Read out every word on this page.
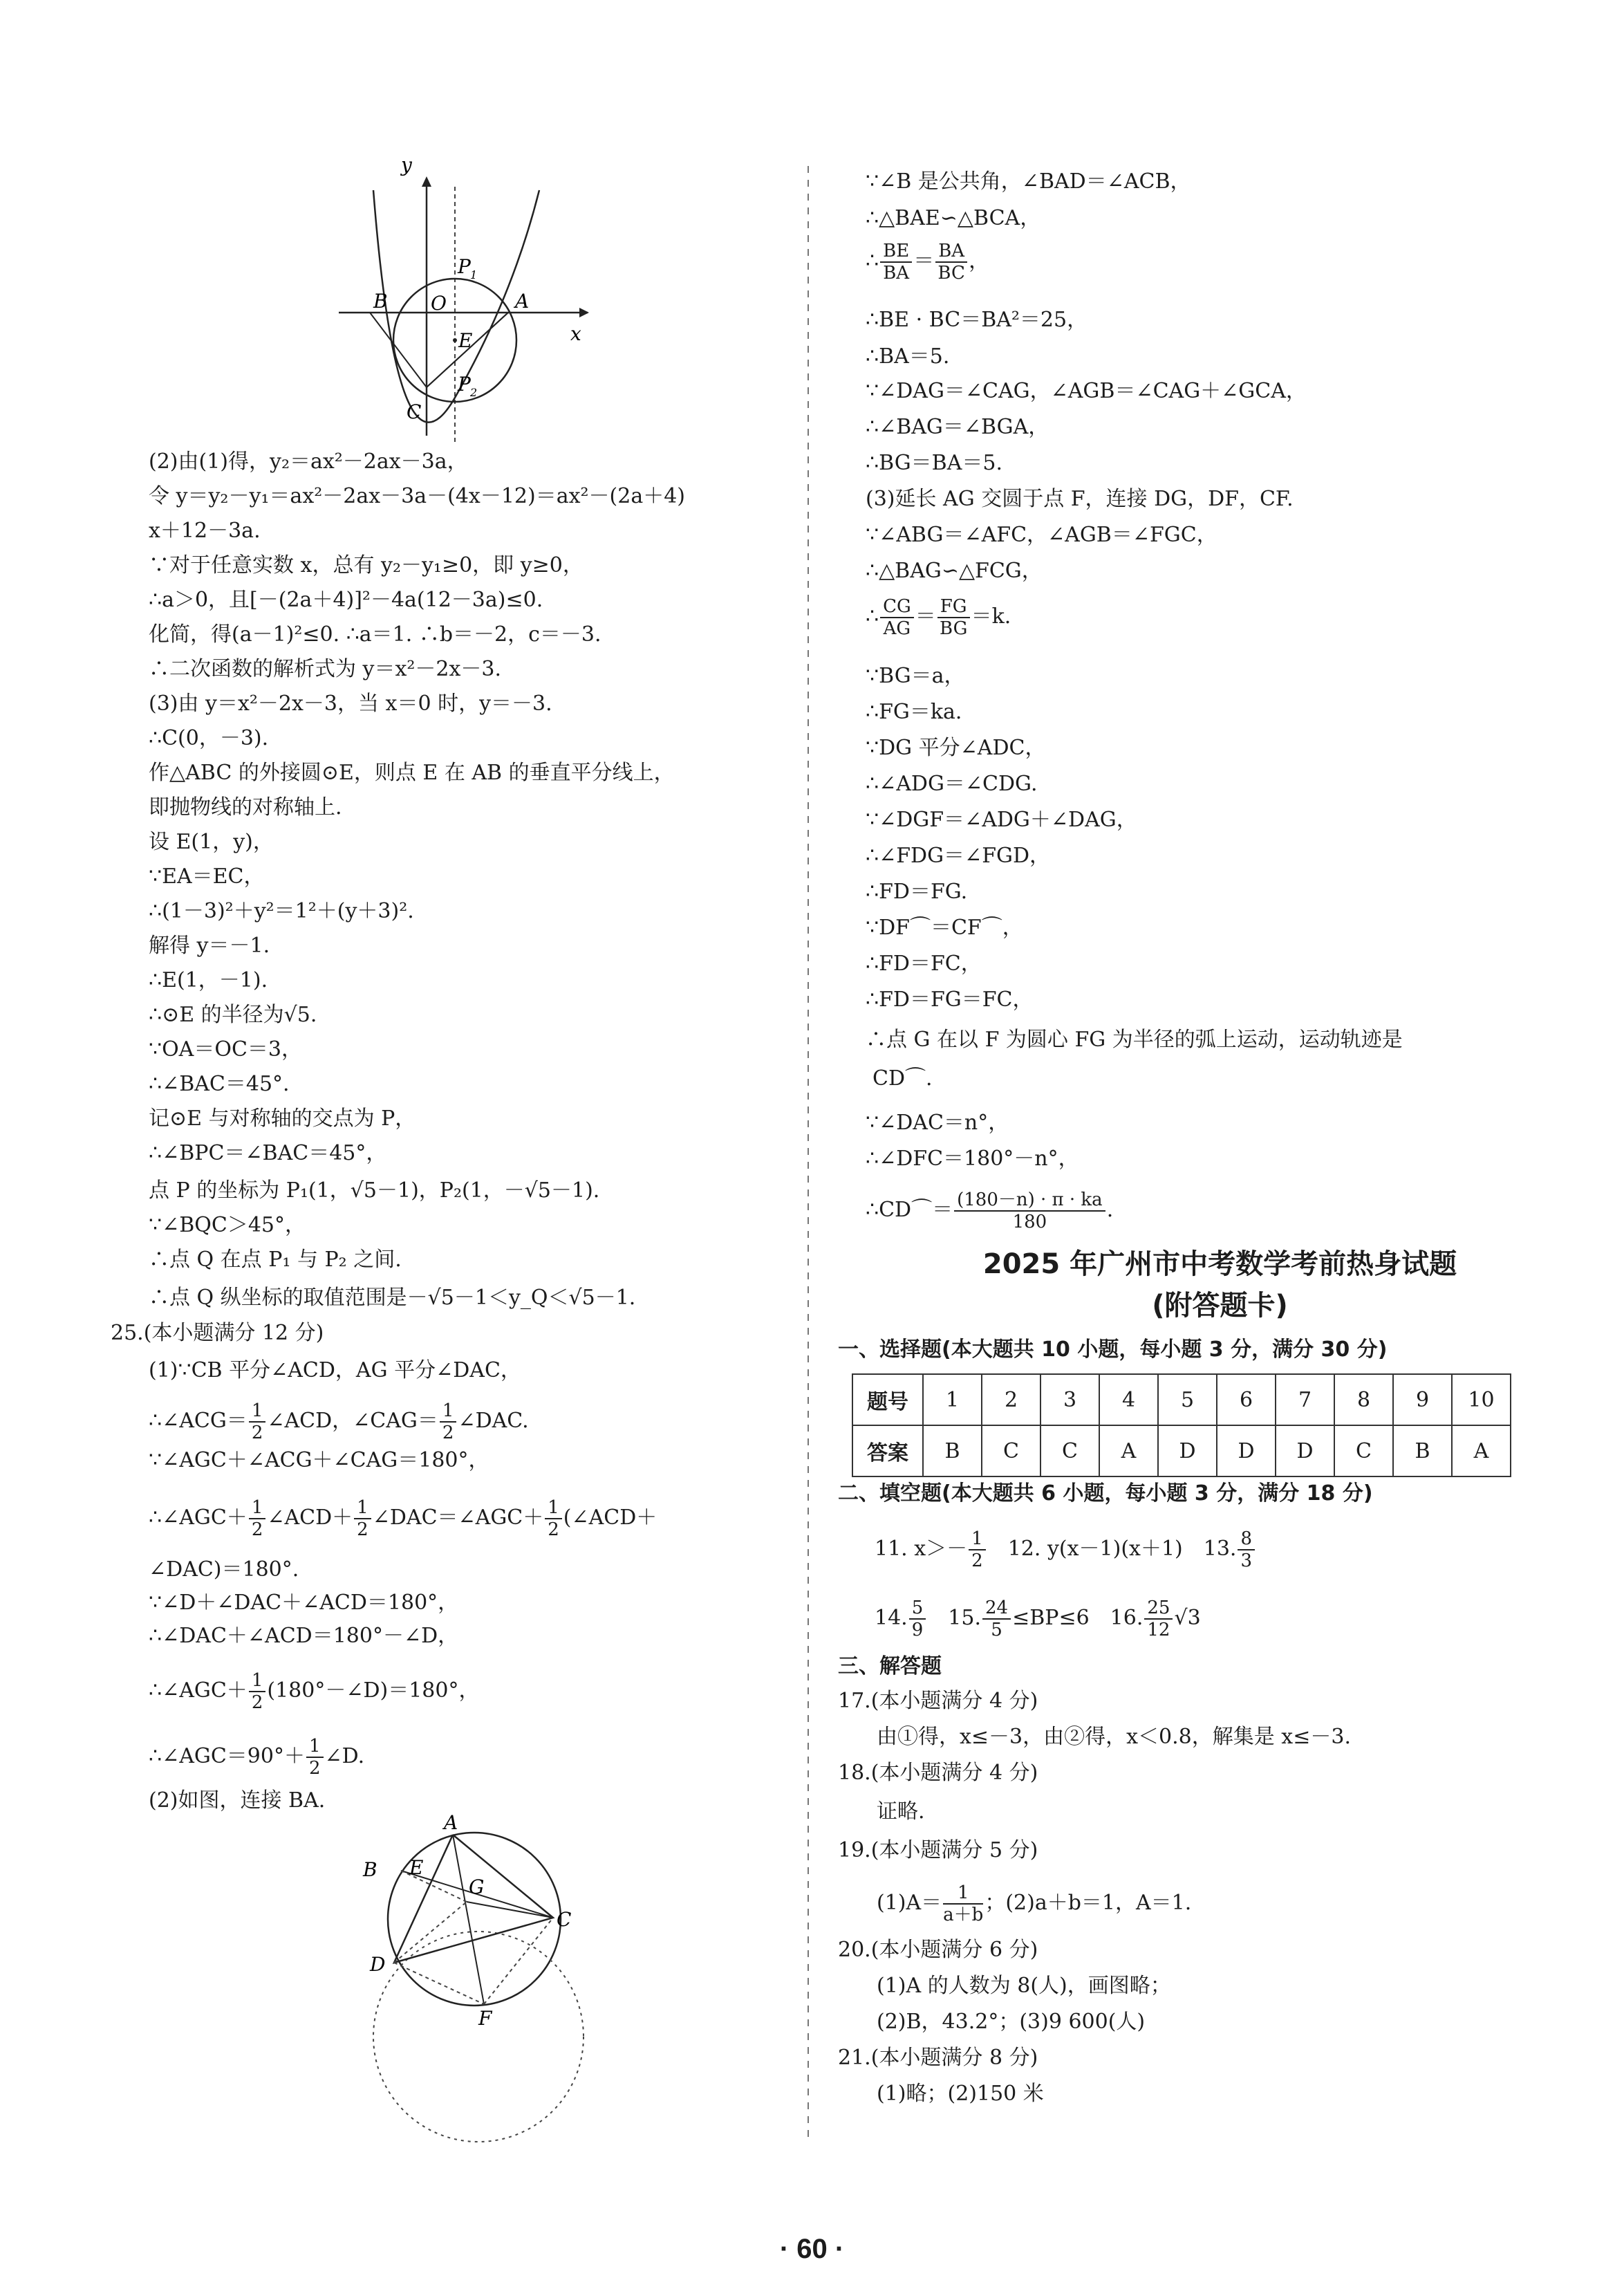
y
x
O
B	A
C
E
P 1
P 2
(2)由(1)得，y₂＝ax²－2ax－3a，
令 y＝y₂－y₁＝ax²－2ax－3a－(4x－12)＝ax²－(2a＋4)
x＋12－3a.
∵对于任意实数 x，总有 y₂－y₁≥0，即 y≥0，
∴a＞0，且[－(2a＋4)]²－4a(12－3a)≤0.
化简，得(a－1)²≤0. ∴a＝1. ∴b＝－2，c＝－3.
∴二次函数的解析式为 y＝x²－2x－3.
(3)由 y＝x²－2x－3，当 x＝0 时，y＝－3.
∴C(0，－3).
作△ABC 的外接圆⊙E，则点 E 在 AB 的垂直平分线上，
即抛物线的对称轴上.
设 E(1，y)，
∵EA＝EC，
∴(1－3)²＋y²＝1²＋(y＋3)².
解得 y＝－1.
∴E(1，－1).
∴⊙E 的半径为√5.
∵OA＝OC＝3，
∴∠BAC＝45°.
记⊙E 与对称轴的交点为 P，
∴∠BPC＝∠BAC＝45°，
点 P 的坐标为 P₁(1，√5－1)，P₂(1，－√5－1).
∵∠BQC＞45°，
∴点 Q 在点 P₁ 与 P₂ 之间.
∴点 Q 纵坐标的取值范围是－√5－1＜y_Q＜√5－1.
25.(本小题满分 12 分)
(1)∵CB 平分∠ACD，AG 平分∠DAC，
∴∠ACG＝ $\frac{1}{2}$ ∠ACD，∠CAG＝ $\frac{1}{2}$ ∠DAC.
∵∠AGC＋∠ACG＋∠CAG＝180°，
∴∠AGC＋ $\frac{1}{2}$ ∠ACD＋ $\frac{1}{2}$ ∠DAC＝∠AGC＋ $\frac{1}{2}$ (∠ACD＋
∠DAC)＝180°.
∵∠D＋∠DAC＋∠ACD＝180°，
∴∠DAC＋∠ACD＝180°－∠D，
∴∠AGC＋ $\frac{1}{2}$ (180°－∠D)＝180°，
∴∠AGC＝90°＋ $\frac{1}{2}$ ∠D.
(2)如图，连接 BA.
A
B E
G
C
D
F
∵∠B 是公共角，∠BAD＝∠ACB，
∴△BAE∽△BCA，
∴ $\frac{BE}{BA} = \frac{BA}{BC}$ ，
∴BE · BC＝BA²＝25，
∴BA＝5.
∵∠DAG＝∠CAG，∠AGB＝∠CAG＋∠GCA，
∴∠BAG＝∠BGA，
∴BG＝BA＝5.
(3)延长 AG 交圆于点 F，连接 DG，DF，CF.
∵∠ABG＝∠AFC，∠AGB＝∠FGC，
∴△BAG∽△FCG，
∴ $\frac{CG}{AG} = \frac{FG}{BG} =k$.
∵BG＝a，
∴FG＝ka.
∵DG 平分∠ADC，
∴∠ADG＝∠CDG.
∵∠DGF＝∠ADG＋∠DAG，
∴∠FDG＝∠FGD，
∴FD＝FG.
∵DF⌒＝CF⌒，
∴FD＝FC，
∴FD＝FG＝FC，
∴点 G 在以 F 为圆心 FG 为半径的弧上运动，运动轨迹是
CD⌒.
∵∠DAC＝n°，
∴∠DFC＝180°－n°，
∴CD⌒＝ $\frac{(180-n) \cdot \pi \cdot ka}{180}$ .
2025 年广州市中考数学考前热身试题
(附答题卡)
一、选择题(本大题共 10 小题，每小题 3 分，满分 30 分)
题号	1	2	3	4	5	6	7	8	9	10
答案	B	C	C	A	D	D	D	C	B	A
二、填空题(本大题共 6 小题，每小题 3 分，满分 18 分)
11. $x>- \frac{1}{2}$
　 12. y(x－1)(x＋1)　13. $\frac{8}{3}$
14. $\frac{5}{9}$
　 15. $\frac{24}{5} \le BP\le 6$　16. $\frac{25}{12} √3$
三、解答题
17.(本小题满分 4 分)
由①得，x≤－3，由②得，x＜0.8，解集是 x≤－3.
18.(本小题满分 4 分)
证略.
19.(本小题满分 5 分)
$(1)A= \frac{1}{a+b}$ ；(2)a＋b＝1，A＝1.
20.(本小题满分 6 分)
(1)A 的人数为 8(人)，画图略；
(2)B，43.2°；(3)9 600(人)
21.(本小题满分 8 分)
(1)略；(2)150 米
· 60 ·
